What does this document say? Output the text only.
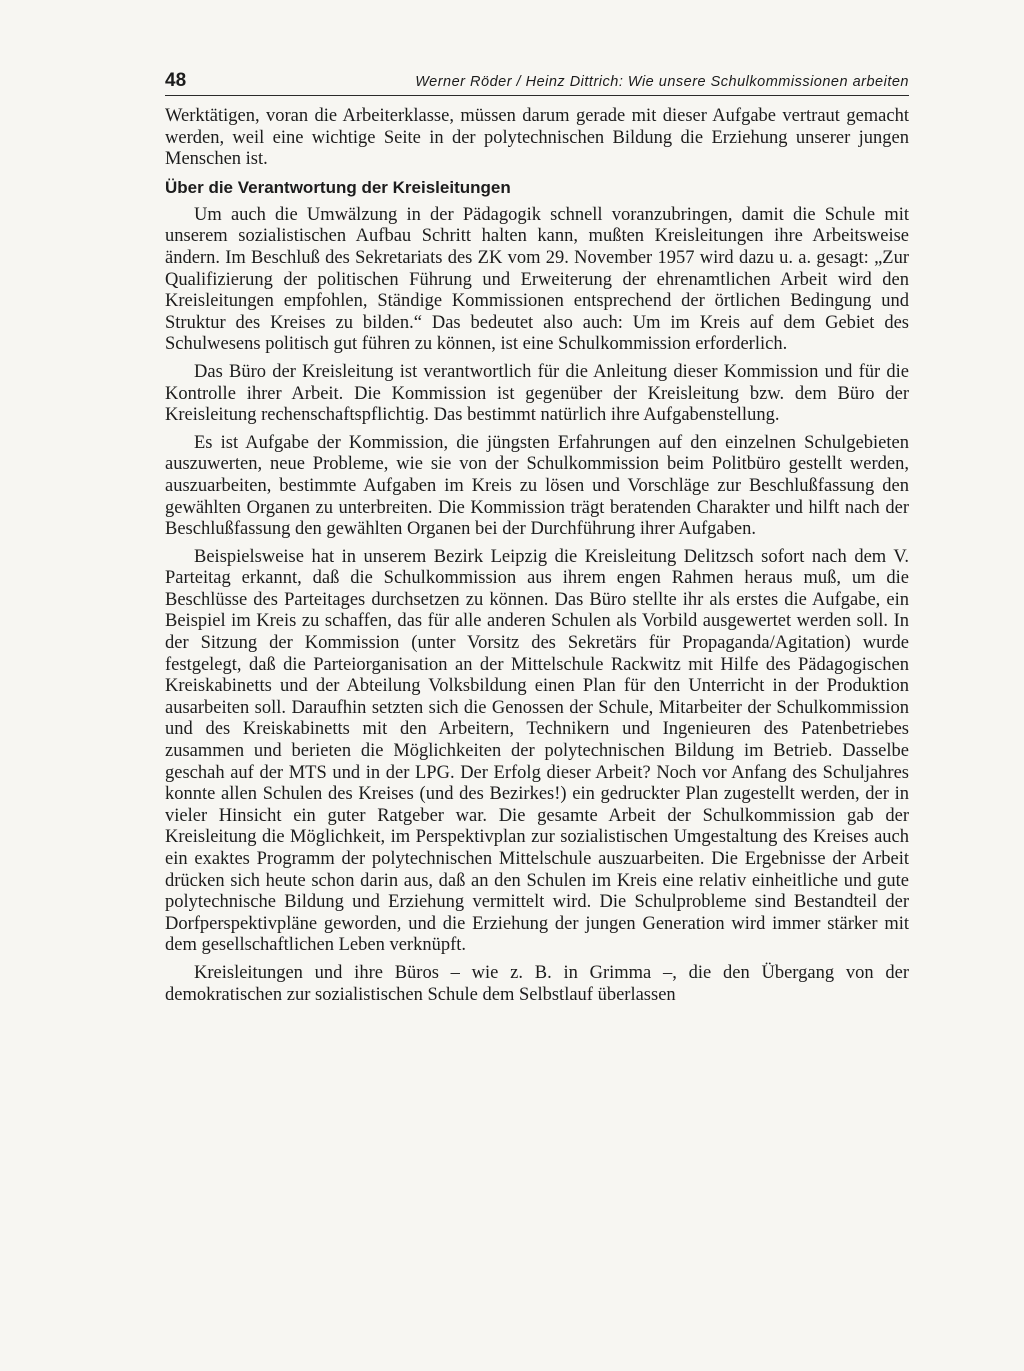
48	Werner Röder / Heinz Dittrich: Wie unsere Schulkommissionen arbeiten

Werktätigen, voran die Arbeiterklasse, müssen darum gerade mit dieser Aufgabe vertraut gemacht werden, weil eine wichtige Seite in der polytechnischen Bildung die Erziehung unserer jungen Menschen ist.

Über die Verantwortung der Kreisleitungen

Um auch die Umwälzung in der Pädagogik schnell voranzubringen, damit die Schule mit unserem sozialistischen Aufbau Schritt halten kann, mußten Kreisleitungen ihre Arbeitsweise ändern. Im Beschluß des Sekretariats des ZK vom 29. November 1957 wird dazu u. a. gesagt: „Zur Qualifizierung der politischen Führung und Erweiterung der ehrenamtlichen Arbeit wird den Kreisleitungen empfohlen, Ständige Kommissionen entsprechend der örtlichen Bedingung und Struktur des Kreises zu bilden.“ Das bedeutet also auch: Um im Kreis auf dem Gebiet des Schulwesens politisch gut führen zu können, ist eine Schulkommission erforderlich.

Das Büro der Kreisleitung ist verantwortlich für die Anleitung dieser Kommission und für die Kontrolle ihrer Arbeit. Die Kommission ist gegenüber der Kreisleitung bzw. dem Büro der Kreisleitung rechenschaftspflichtig. Das bestimmt natürlich ihre Aufgabenstellung.

Es ist Aufgabe der Kommission, die jüngsten Erfahrungen auf den einzelnen Schulgebieten auszuwerten, neue Probleme, wie sie von der Schulkommission beim Politbüro gestellt werden, auszuarbeiten, bestimmte Aufgaben im Kreis zu lösen und Vorschläge zur Beschlußfassung den gewählten Organen zu unterbreiten. Die Kommission trägt beratenden Charakter und hilft nach der Beschlußfassung den gewählten Organen bei der Durchführung ihrer Aufgaben.

Beispielsweise hat in unserem Bezirk Leipzig die Kreisleitung Delitzsch sofort nach dem V. Parteitag erkannt, daß die Schulkommission aus ihrem engen Rahmen heraus muß, um die Beschlüsse des Parteitages durchsetzen zu können. Das Büro stellte ihr als erstes die Aufgabe, ein Beispiel im Kreis zu schaffen, das für alle anderen Schulen als Vorbild ausgewertet werden soll. In der Sitzung der Kommission (unter Vorsitz des Sekretärs für Propaganda/Agitation) wurde festgelegt, daß die Parteiorganisation an der Mittelschule Rackwitz mit Hilfe des Pädagogischen Kreiskabinetts und der Abteilung Volksbildung einen Plan für den Unterricht in der Produktion ausarbeiten soll. Daraufhin setzten sich die Genossen der Schule, Mitarbeiter der Schulkommission und des Kreiskabinetts mit den Arbeitern, Technikern und Ingenieuren des Patenbetriebes zusammen und berieten die Möglichkeiten der polytechnischen Bildung im Betrieb. Dasselbe geschah auf der MTS und in der LPG. Der Erfolg dieser Arbeit? Noch vor Anfang des Schuljahres konnte allen Schulen des Kreises (und des Bezirkes!) ein gedruckter Plan zugestellt werden, der in vieler Hinsicht ein guter Ratgeber war. Die gesamte Arbeit der Schulkommission gab der Kreisleitung die Möglichkeit, im Perspektivplan zur sozialistischen Umgestaltung des Kreises auch ein exaktes Programm der polytechnischen Mittelschule auszuarbeiten. Die Ergebnisse der Arbeit drücken sich heute schon darin aus, daß an den Schulen im Kreis eine relativ einheitliche und gute polytechnische Bildung und Erziehung vermittelt wird. Die Schulprobleme sind Bestandteil der Dorfperspektivpläne geworden, und die Erziehung der jungen Generation wird immer stärker mit dem gesellschaftlichen Leben verknüpft.

Kreisleitungen und ihre Büros – wie z. B. in Grimma –, die den Übergang von der demokratischen zur sozialistischen Schule dem Selbstlauf überlassen
